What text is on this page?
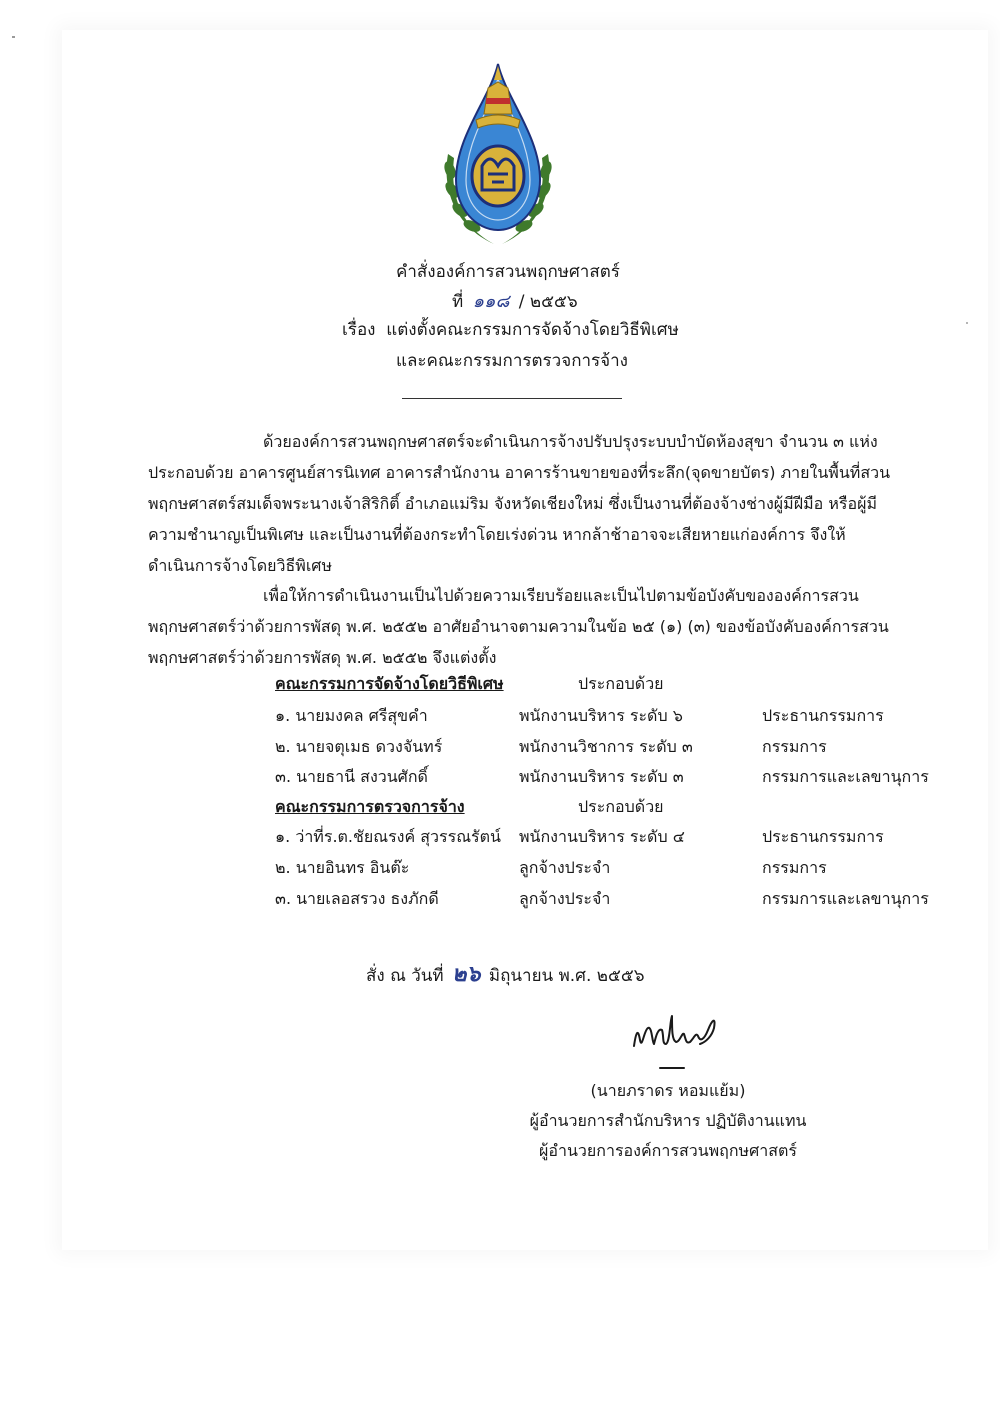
คำสั่งองค์การสวนพฤกษศาสตร์
ที่ ๑๑๘ / ๒๕๕๖
เรื่อง แต่งตั้งคณะกรรมการจัดจ้างโดยวิธีพิเศษ
และคณะกรรมการตรวจการจ้าง
ด้วยองค์การสวนพฤกษศาสตร์จะดำเนินการจ้างปรับปรุงระบบบำบัดห้องสุขา จำนวน ๓ แห่ง
ประกอบด้วย อาคารศูนย์สารนิเทศ อาคารสำนักงาน อาคารร้านขายของที่ระลึก(จุดขายบัตร) ภายในพื้นที่สวน
พฤกษศาสตร์สมเด็จพระนางเจ้าสิริกิติ์ อำเภอแม่ริม จังหวัดเชียงใหม่ ซึ่งเป็นงานที่ต้องจ้างช่างผู้มีฝีมือ หรือผู้มี
ความชำนาญเป็นพิเศษ และเป็นงานที่ต้องกระทำโดยเร่งด่วน หากล้าช้าอาจจะเสียหายแก่องค์การ จึงให้
ดำเนินการจ้างโดยวิธีพิเศษ
เพื่อให้การดำเนินงานเป็นไปด้วยความเรียบร้อยและเป็นไปตามข้อบังคับขององค์การสวน
พฤกษศาสตร์ว่าด้วยการพัสดุ พ.ศ. ๒๕๕๒ อาศัยอำนาจตามความในข้อ ๒๕ (๑) (๓) ของข้อบังคับองค์การสวน
พฤกษศาสตร์ว่าด้วยการพัสดุ พ.ศ. ๒๕๕๒ จึงแต่งตั้ง
คณะกรรมการจัดจ้างโดยวิธีพิเศษ	ประกอบด้วย
๑. นายมงคล ศรีสุขคำ	พนักงานบริหาร ระดับ ๖	ประธานกรรมการ
๒. นายจตุเมธ ดวงจันทร์	พนักงานวิชาการ ระดับ ๓	กรรมการ
๓. นายธานี สงวนศักดิ์	พนักงานบริหาร ระดับ ๓	กรรมการและเลขานุการ
คณะกรรมการตรวจการจ้าง	ประกอบด้วย
๑. ว่าที่ร.ต.ชัยณรงค์ สุวรรณรัตน์ พนักงานบริหาร ระดับ ๔	ประธานกรรมการ
๒. นายอินทร อินต๊ะ	ลูกจ้างประจำ	กรรมการ
๓. นายเลอสรวง ธงภักดี	ลูกจ้างประจำ	กรรมการและเลขานุการ
สั่ง ณ วันที่ ๒๖ มิถุนายน พ.ศ. ๒๕๕๖
(นายภราดร หอมแย้ม)
ผู้อำนวยการสำนักบริหาร ปฏิบัติงานแทน
ผู้อำนวยการองค์การสวนพฤกษศาสตร์
